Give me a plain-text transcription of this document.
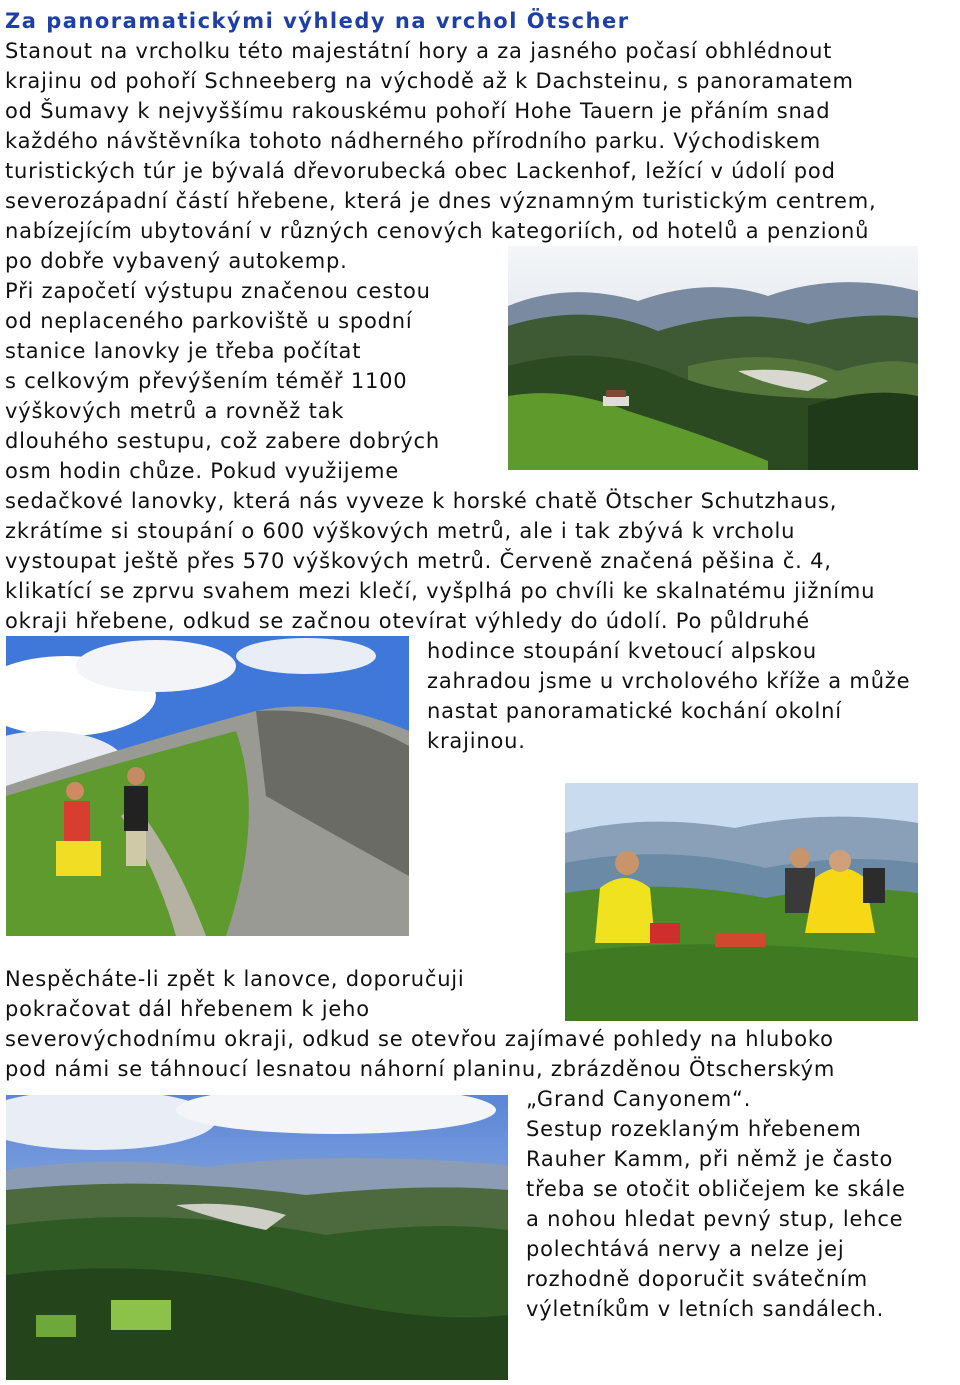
Za panoramatickými výhledy na vrchol Ötscher
Stanout na vrcholku této majestátní hory a za jasného počasí obhlédnout
krajinu od pohoří Schneeberg na východě až k Dachsteinu, s panoramatem
od Šumavy k nejvyššímu rakouskému pohoří Hohe Tauern je přáním snad
každého návštěvníka tohoto nádherného přírodního parku. Východiskem
turistických túr je bývalá dřevorubecká obec Lackenhof, ležící v údolí pod
severozápadní částí hřebene, která je dnes významným turistickým centrem,
nabízejícím ubytování v různých cenových kategoriích, od hotelů a penzionů
po dobře vybavený autokemp.
Při započetí výstupu značenou cestou
od neplaceného parkoviště u spodní
stanice lanovky je třeba počítat
s celkovým převýšením téměř 1100
výškových metrů a rovněž tak
dlouhého sestupu, což zabere dobrých
osm hodin chůze. Pokud využijeme
sedačkové lanovky, která nás vyveze k horské chatě Ötscher Schutzhaus,
zkrátíme si stoupání o 600 výškových metrů, ale i tak zbývá k vrcholu
vystoupat ještě přes 570 výškových metrů. Červeně značená pěšina č. 4,
klikatící se zprvu svahem mezi klečí, vyšplhá po chvíli ke skalnatému jižnímu
okraji hřebene, odkud se začnou otevírat výhledy do údolí. Po půldruhé
hodince stoupání kvetoucí alpskou
zahradou jsme u vrcholového kříže a může
nastat panoramatické kochání okolní
krajinou.
Nespěcháte-li zpět k lanovce, doporučuji
pokračovat dál hřebenem k jeho
severovýchodnímu okraji, odkud se otevřou zajímavé pohledy na hluboko
pod námi se táhnoucí lesnatou náhorní planinu, zbrázděnou Ötscherským
„Grand Canyonem“.
Sestup rozeklaným hřebenem
Rauher Kamm, při němž je často
třeba se otočit obličejem ke skále
a nohou hledat pevný stup, lehce
polechtává nervy a nelze jej
rozhodně doporučit svátečním
výletníkům v letních sandálech.
